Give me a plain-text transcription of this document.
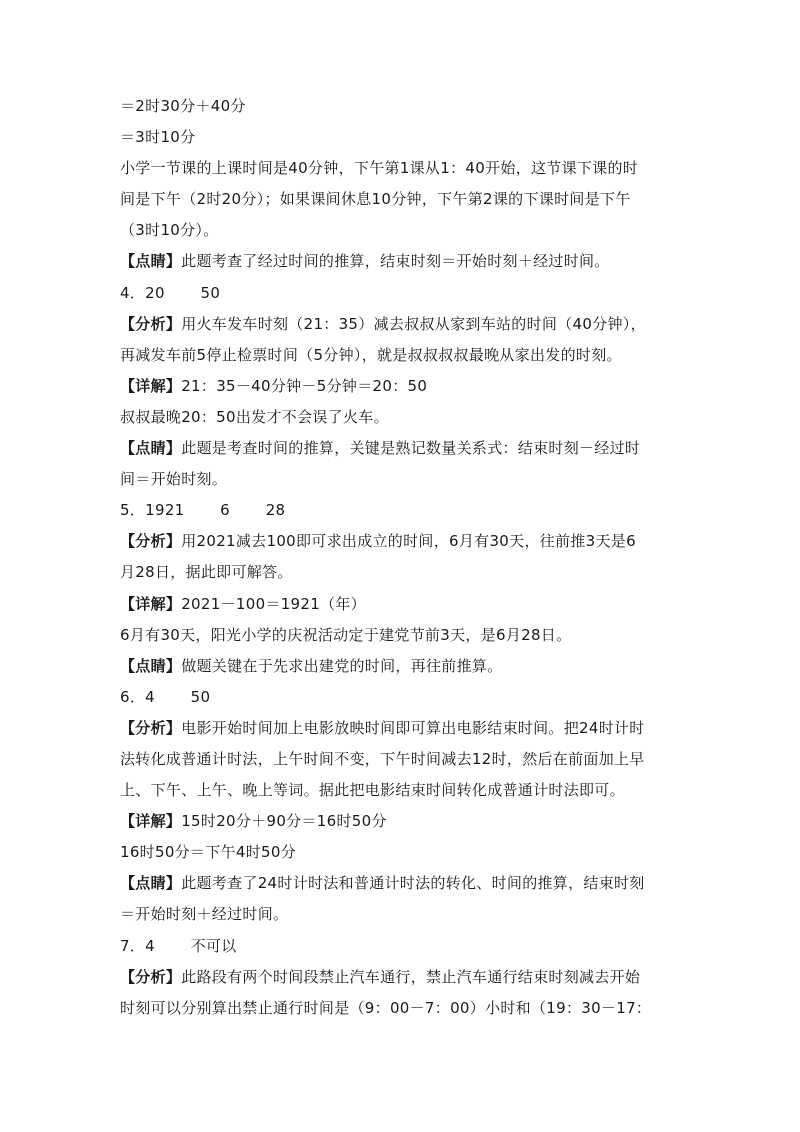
＝2时30分＋40分
＝3时10分
小学一节课的上课时间是40分钟，下午第1课从1：40开始，这节课下课的时
间是下午（2时20分）；如果课间休息10分钟，下午第2课的下课时间是下午
（3时10分）。
【点睛】此题考查了经过时间的推算，结束时刻＝开始时刻＋经过时间。
4．20　　 50
【分析】用火车发车时刻（21：35）减去叔叔从家到车站的时间（40分钟），
再减发车前5停止检票时间（5分钟），就是叔叔叔叔最晚从家出发的时刻。
【详解】21：35－40分钟－5分钟＝20：50
叔叔最晚20：50出发才不会误了火车。
【点睛】此题是考查时间的推算，关键是熟记数量关系式：结束时刻－经过时
间＝开始时刻。
5．1921　　 6　　 28
【分析】用2021减去100即可求出成立的时间，6月有30天，往前推3天是6
月28日，据此即可解答。
【详解】2021－100＝1921（年）
6月有30天，阳光小学的庆祝活动定于建党节前3天，是6月28日。
【点睛】做题关键在于先求出建党的时间，再往前推算。
6．4　　 50
【分析】电影开始时间加上电影放映时间即可算出电影结束时间。把24时计时
法转化成普通计时法，上午时间不变，下午时间减去12时，然后在前面加上早
上、下午、上午、晚上等词。据此把电影结束时间转化成普通计时法即可。
【详解】15时20分＋90分＝16时50分
16时50分＝下午4时50分
【点睛】此题考查了24时计时法和普通计时法的转化、时间的推算，结束时刻
＝开始时刻＋经过时间。
7．4　　 不可以
【分析】此路段有两个时间段禁止汽车通行，禁止汽车通行结束时刻减去开始
时刻可以分别算出禁止通行时间是（9：00－7：00）小时和（19：30－17：
